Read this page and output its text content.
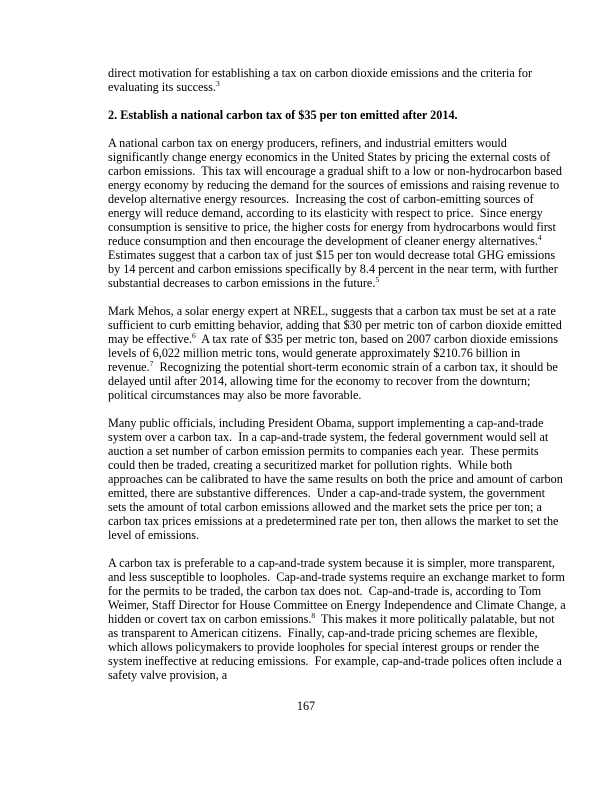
direct motivation for establishing a tax on carbon dioxide emissions and the criteria for evaluating its success.$^3$

2. Establish a national carbon tax of $35 per ton emitted after 2014.

A national carbon tax on energy producers, refiners, and industrial emitters would significantly change energy economics in the United States by pricing the external costs of carbon emissions.  This tax will encourage a gradual shift to a low or non-hydrocarbon based energy economy by reducing the demand for the sources of emissions and raising revenue to develop alternative energy resources.  Increasing the cost of carbon-emitting sources of energy will reduce demand, according to its elasticity with respect to price.  Since energy consumption is sensitive to price, the higher costs for energy from hydrocarbons would first reduce consumption and then encourage the development of cleaner energy alternatives.$^4$  Estimates suggest that a carbon tax of just $15 per ton would decrease total GHG emissions by 14 percent and carbon emissions specifically by 8.4 percent in the near term, with further substantial decreases to carbon emissions in the future.$^5$

Mark Mehos, a solar energy expert at NREL, suggests that a carbon tax must be set at a rate sufficient to curb emitting behavior, adding that $30 per metric ton of carbon dioxide emitted may be effective.$^6$  A tax rate of $35 per metric ton, based on 2007 carbon dioxide emissions levels of 6,022 million metric tons, would generate approximately $210.76 billion in revenue.$^7$  Recognizing the potential short-term economic strain of a carbon tax, it should be delayed until after 2014, allowing time for the economy to recover from the downturn; political circumstances may also be more favorable.

Many public officials, including President Obama, support implementing a cap-and-trade system over a carbon tax.  In a cap-and-trade system, the federal government would sell at auction a set number of carbon emission permits to companies each year.  These permits could then be traded, creating a securitized market for pollution rights.  While both approaches can be calibrated to have the same results on both the price and amount of carbon emitted, there are substantive differences.  Under a cap-and-trade system, the government sets the amount of total carbon emissions allowed and the market sets the price per ton; a carbon tax prices emissions at a predetermined rate per ton, then allows the market to set the level of emissions.

A carbon tax is preferable to a cap-and-trade system because it is simpler, more transparent, and less susceptible to loopholes.  Cap-and-trade systems require an exchange market to form for the permits to be traded, the carbon tax does not.  Cap-and-trade is, according to Tom Weimer, Staff Director for House Committee on Energy Independence and Climate Change, a hidden or covert tax on carbon emissions.$^8$  This makes it more politically palatable, but not as transparent to American citizens.  Finally, cap-and-trade pricing schemes are flexible, which allows policymakers to provide loopholes for special interest groups or render the system ineffective at reducing emissions.  For example, cap-and-trade polices often include a safety valve provision, a

167
